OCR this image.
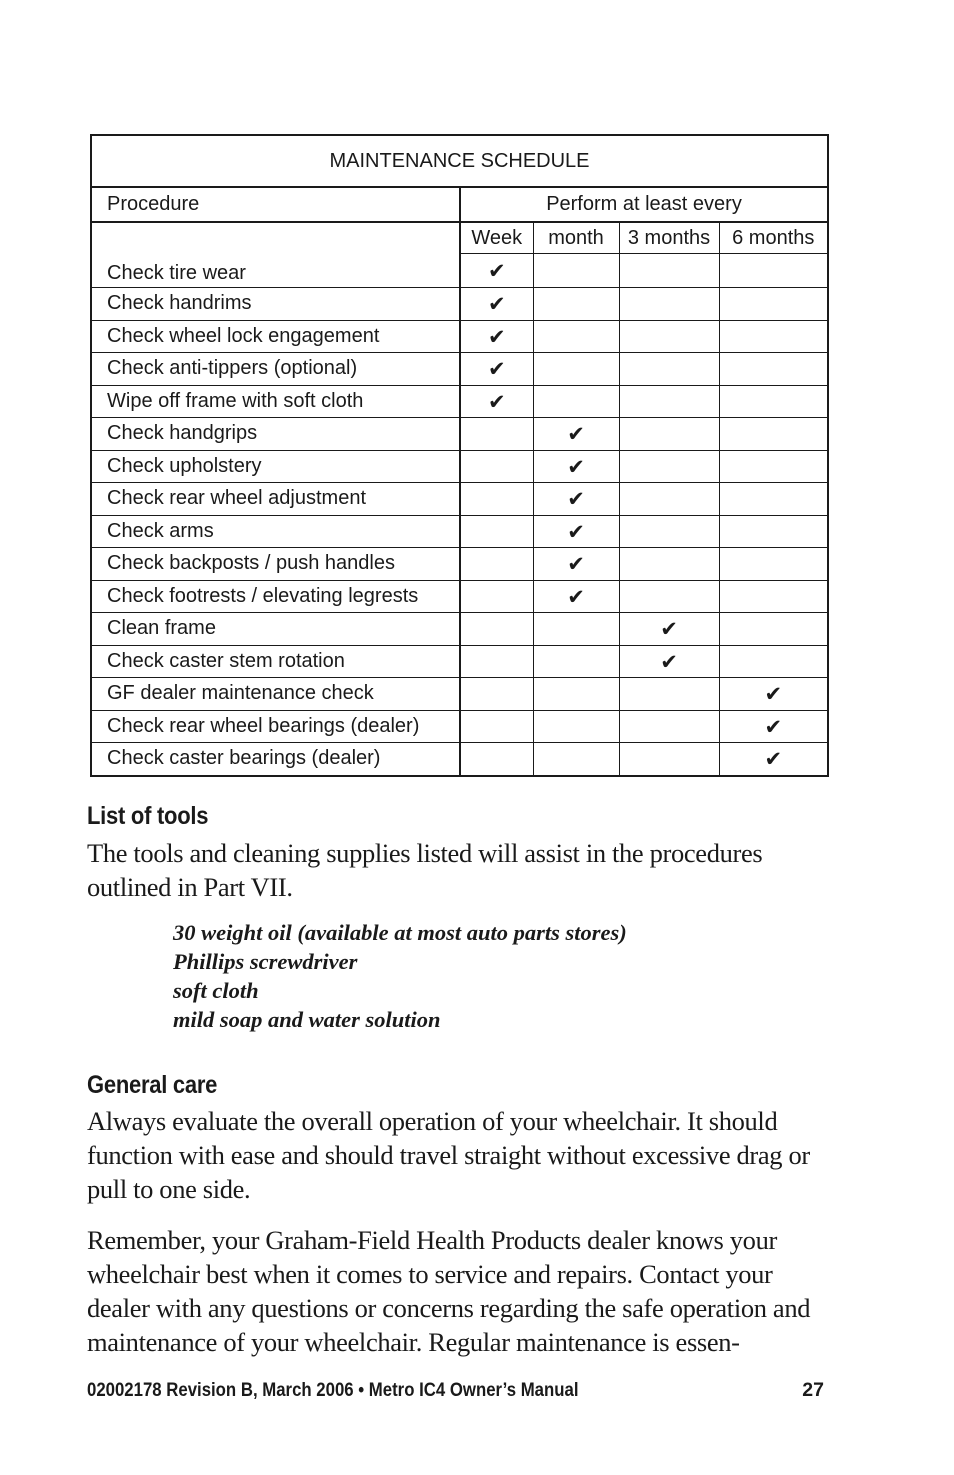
MAINTENANCE SCHEDULE				
Procedure	Perform at least every			
	Week	month	3 months	6 months
Check tire wear	✔			
Check handrims	✔			
Check wheel lock engagement	✔			
Check anti-tippers (optional)	✔			
Wipe off frame with soft cloth	✔			
Check handgrips		✔		
Check upholstery		✔		
Check rear wheel adjustment		✔		
Check arms		✔		
Check backposts / push handles		✔		
Check footrests / elevating legrests		✔		
Clean frame			✔	
Check caster stem rotation			✔	
GF dealer maintenance check				✔
Check rear wheel bearings (dealer)				✔
Check caster bearings (dealer)				✔
List of tools
The tools and cleaning supplies listed will assist in the procedures outlined in Part VII.
30 weight oil (available at most auto parts stores)
Phillips screwdriver
soft cloth
mild soap and water solution
General care
Always evaluate the overall operation of your wheelchair. It should function with ease and should travel straight without excessive drag or pull to one side.
Remember, your Graham-Field Health Products dealer knows your wheelchair best when it comes to service and repairs. Contact your dealer with any questions or concerns regarding the safe operation and maintenance of your wheelchair. Regular maintenance is essen-
02002178 Revision B, March 2006 • Metro IC4 Owner’s Manual	27
